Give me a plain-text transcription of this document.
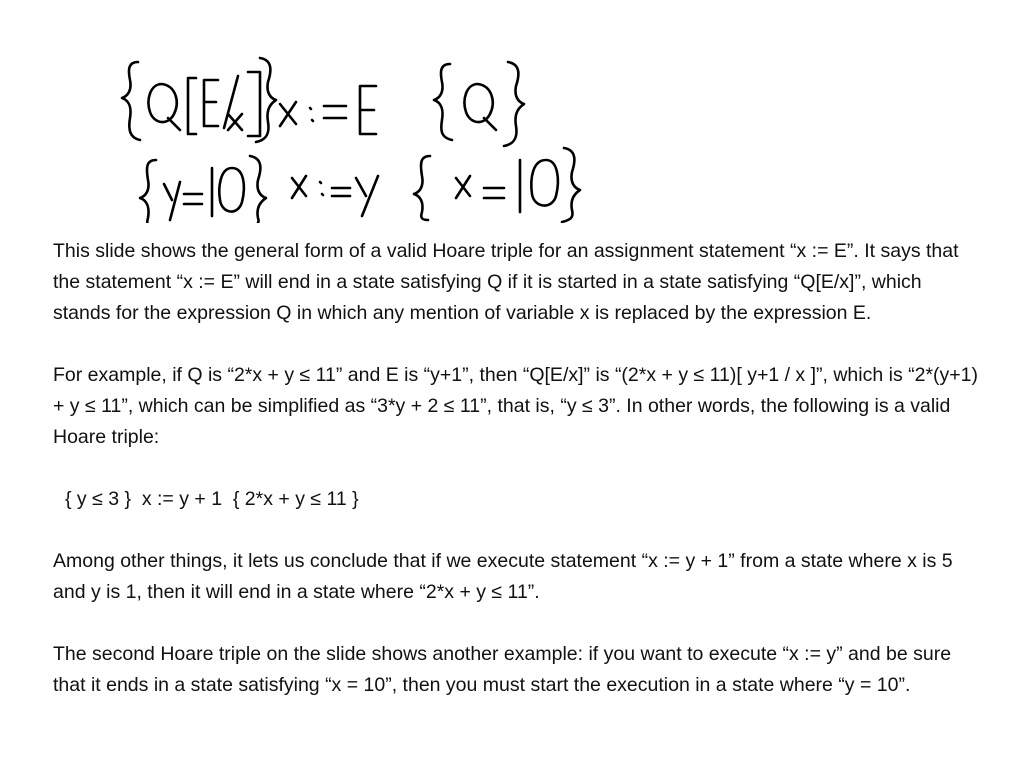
This slide shows the general form of a valid Hoare triple for an assignment statement “x := E”. It says that the statement “x := E” will end in a state satisfying Q if it is started in a state satisfying “Q[E/x]”, which stands for the expression Q in which any mention of variable x is replaced by the expression E.

For example, if Q is “2*x + y ≤ 11” and E is “y+1”, then “Q[E/x]” is “(2*x + y ≤ 11)[ y+1 / x ]”, which is “2*(y+1) + y ≤ 11”, which can be simplified as “3*y + 2 ≤ 11”, that is, “y ≤ 3”. In other words, the following is a valid Hoare triple:

{ y ≤ 3 }  x := y + 1  { 2*x + y ≤ 11 }

Among other things, it lets us conclude that if we execute statement “x := y + 1” from a state where x is 5 and y is 1, then it will end in a state where “2*x + y ≤ 11”.

The second Hoare triple on the slide shows another example: if you want to execute “x := y” and be sure that it ends in a state satisfying “x = 10”, then you must start the execution in a state where “y = 10”.
